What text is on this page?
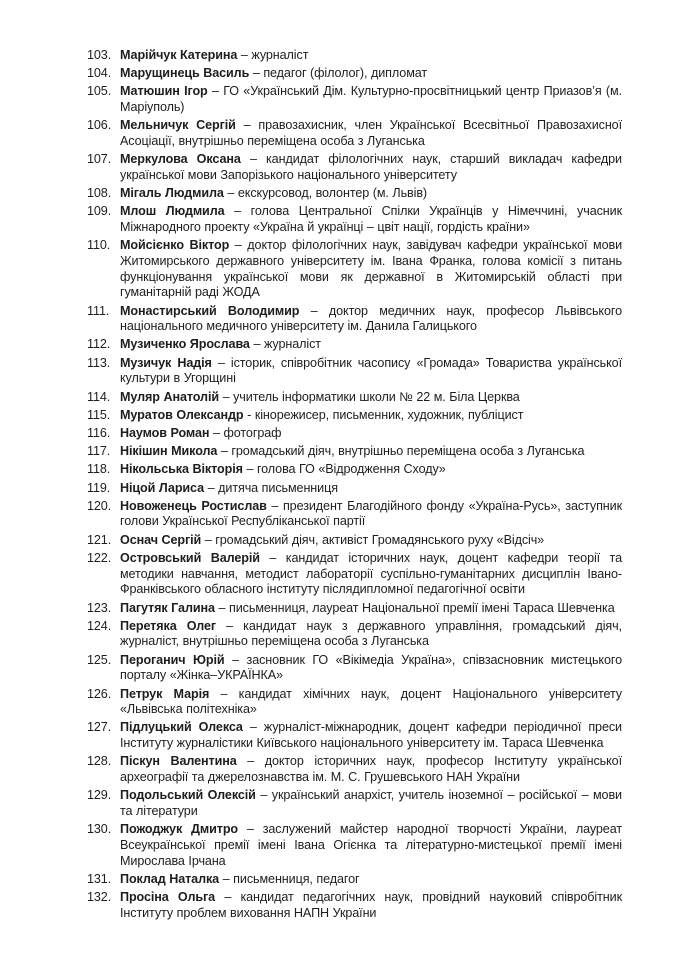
103. Марійчук Катерина – журналіст

104. Марущинець Василь – педагог (філолог), дипломат

105. Матюшин Ігор – ГО «Український Дім. Культурно-просвітницький центр Приазов’я (м. Маріуполь)

106. Мельничук Сергій – правозахисник, член Української Всесвітньої Правозахисної Асоціації, внутрішньо переміщена особа з Луганська

107. Меркулова Оксана – кандидат філологічних наук, старший викладач кафедри української мови Запорізького національного університету

108. Мігаль Людмила – екскурсовод, волонтер (м. Львів)

109. Млош Людмила – голова Центральної Спілки Українців у Німеччині, учасник Міжнародного проекту «Україна й українці – цвіт нації, гордість країни»

110. Мойсієнко Віктор – доктор філологічних наук, завідувач кафедри української мови Житомирського державного університету ім. Івана Франка, голова комісії з питань функціонування української мови як державної в Житомирській області при гуманітарній раді ЖОДА

111. Монастирський Володимир – доктор медичних наук, професор Львівського національного медичного університету ім. Данила Галицького

112. Музиченко Ярослава – журналіст

113. Музичук Надія – історик, співробітник часопису «Громада» Товариства української культури в Угорщині

114. Муляр Анатолій – учитель інформатики школи № 22 м. Біла Церква

115. Муратов Олександр - кінорежисер, письменник, художник, публіцист

116. Наумов Роман – фотограф

117. Нікішин Микола – громадський діяч, внутрішньо переміщена особа з Луганська

118. Нікольська Вікторія – голова ГО «Відродження Сходу»

119. Ніцой Лариса – дитяча письменниця

120. Новоженець Ростислав – президент Благодійного фонду «Україна-Русь», заступник голови Української Республіканської партії

121. Оснач Сергій – громадський діяч, активіст Громадянського руху «Відсіч»

122. Островський Валерій – кандидат історичних наук, доцент кафедри теорії та методики навчання, методист лабораторії суспільно-гуманітарних дисциплін Івано-Франківського обласного інституту післядипломної педагогічної освіти

123. Пагутяк Галина – письменниця, лауреат Національної премії імені Тараса Шевченка

124. Перетяка Олег – кандидат наук з державного управління, громадський діяч, журналіст, внутрішньо переміщена особа з Луганська

125. Пероганич Юрій – засновник ГО «Вікімедіа Україна», співзасновник мистецького порталу «Жінка–УКРАЇНКА»

126. Петрук Марія – кандидат хімічних наук, доцент Національного університету «Львівська політехніка»

127. Підлуцький Олекса – журналіст-міжнародник, доцент кафедри періодичної преси Інституту журналістики Київського національного університету ім. Тараса Шевченка

128. Піскун Валентина – доктор історичних наук, професор Інституту української археографії та джерелознавства ім. М. С. Грушевського НАН України

129. Подольський Олексій – український анархіст, учитель іноземної – російської – мови та літератури

130. Пожоджук Дмитро – заслужений майстер народної творчості України, лауреат Всеукраїнської премії імені Івана Огієнка та літературно-мистецької премії імені Мирослава Ірчана

131. Поклад Наталка – письменниця, педагог

132. Просіна Ольга – кандидат педагогічних наук, провідний науковий співробітник Інституту проблем виховання НАПН України
